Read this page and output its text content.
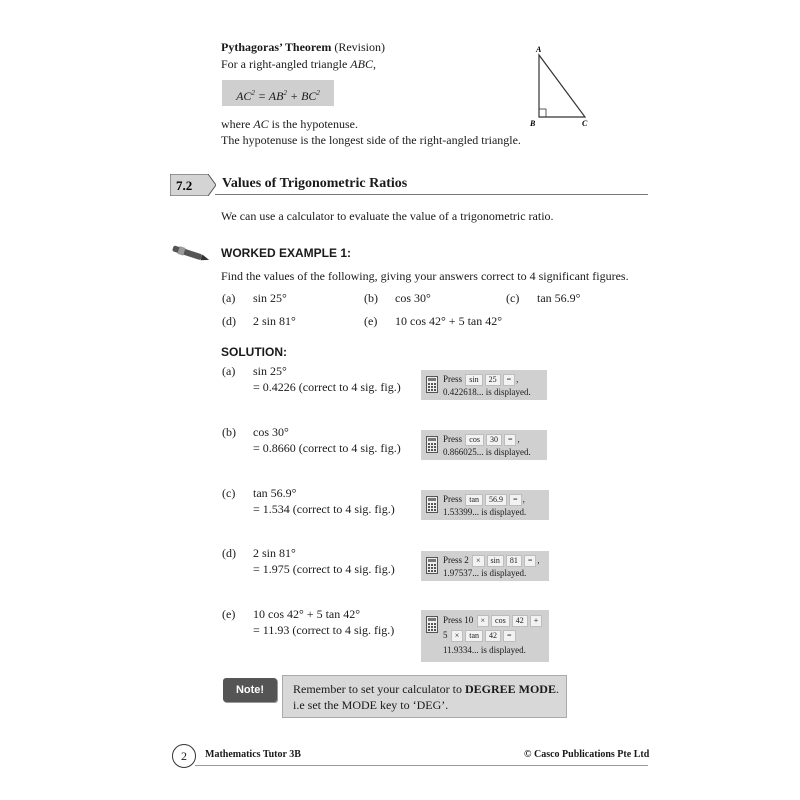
Pythagoras’ Theorem (Revision)
For a right-angled triangle ABC,
$AC^2 = AB^2 + BC^2$
where AC is the hypotenuse.
The hypotenuse is the longest side of the right-angled triangle.
A
B	C
7.2 Values of Trigonometric Ratios
We can use a calculator to evaluate the value of a trigonometric ratio.
WORKED EXAMPLE 1:
Find the values of the following, giving your answers correct to 4 significant figures.
(a) sin 25°	(b) cos 30°	(c) tan 56.9°
(d) 2 sin 81°	(e) 10 cos 42° + 5 tan 42°
SOLUTION:
(a) sin 25°
= 0.4226 (correct to 4 sig. fig.)
Press sin 25 = ,
0.422618... is displayed.
(b) cos 30°
= 0.8660 (correct to 4 sig. fig.)
Press cos 30 = ,
0.866025... is displayed.
(c) tan 56.9°
= 1.534 (correct to 4 sig. fig.)
Press tan 56.9 = ,
1.53399... is displayed.
(d) 2 sin 81°
= 1.975 (correct to 4 sig. fig.)
Press 2 × sin 81 = ,
1.97537... is displayed.
(e) 10 cos 42° + 5 tan 42°
= 11.93 (correct to 4 sig. fig.)
Press 10 × cos 42 +
5 × tan 42 =
11.9334... is displayed.
Note!	Remember to set your calculator to DEGREE MODE.
i.e set the MODE key to ‘DEG’.
2	Mathematics Tutor 3B	© Casco Publications Pte Ltd
